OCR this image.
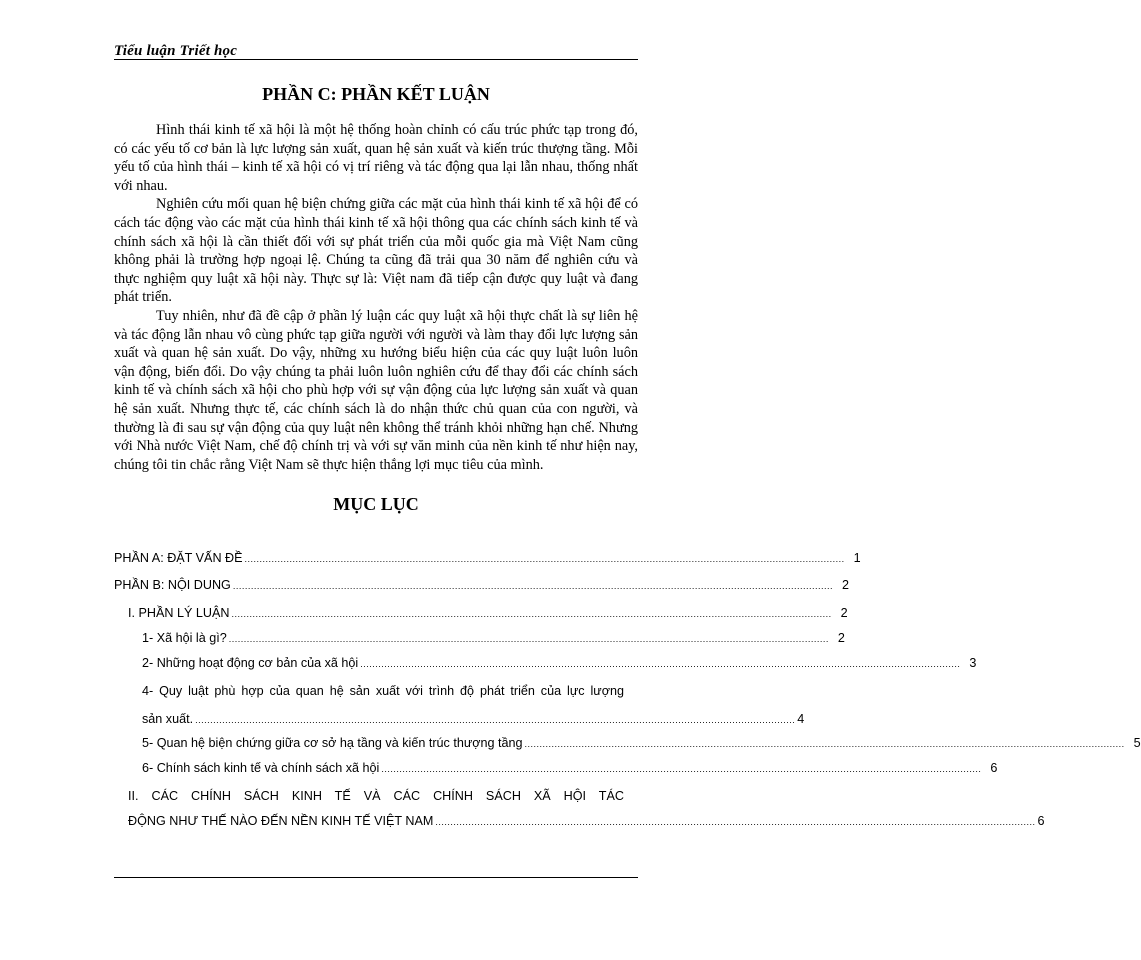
Tiểu luận Triết học
PHẦN C: PHẦN KẾT LUẬN

Hình thái kinh tế xã hội là một hệ thống hoàn chỉnh có cấu trúc phức tạp trong đó, có các yếu tố cơ bản là lực lượng sản xuất, quan hệ sản xuất và kiến trúc thượng tầng. Mỗi yếu tố của hình thái – kinh tế xã hội có vị trí riêng và tác động qua lại lẫn nhau, thống nhất với nhau.

Nghiên cứu mối quan hệ biện chứng giữa các mặt của hình thái kinh tế xã hội để có cách tác động vào các mặt của hình thái kinh tế xã hội thông qua các chính sách kinh tế và chính sách xã hội là cần thiết đối với sự phát triển của mỗi quốc gia mà Việt Nam cũng không phải là trường hợp ngoại lệ. Chúng ta cũng đã trải qua 30 năm để nghiên cứu và thực nghiệm quy luật xã hội này. Thực sự là: Việt nam đã tiếp cận được quy luật và đang phát triển.

Tuy nhiên, như đã đề cập ở phần lý luận các quy luật xã hội thực chất là sự liên hệ và tác động lẫn nhau vô cùng phức tạp giữa người với người và làm thay đổi lực lượng sản xuất và quan hệ sản xuất. Do vậy, những xu hướng biểu hiện của các quy luật luôn luôn vận động, biến đổi. Do vậy chúng ta phải luôn luôn nghiên cứu để thay đổi các chính sách kinh tế và chính sách xã hội cho phù hợp với sự vận động của lực lượng sản xuất và quan hệ sản xuất. Nhưng thực tế, các chính sách là do nhận thức chủ quan của con người, và thường là đi sau sự vận động của quy luật nên không thể tránh khỏi những hạn chế. Nhưng với Nhà nước Việt Nam, chế độ chính trị và với sự văn minh của nền kinh tế như hiện nay, chúng tôi tin chắc rằng Việt Nam sẽ thực hiện thắng lợi mục tiêu của mình.

MỤC LỤC
PHẦN A: ĐẶT VẤN ĐỀ ........................................................................................................................................................................................................ 1
PHẦN B: NỘI DUNG ........................................................................................................................................................................................................ 2
I. PHẦN LÝ LUẬN ........................................................................................................................................................................................................ 2
1- Xã hội là gì? ........................................................................................................................................................................................................ 2
2- Những hoạt động cơ bản của xã hội ........................................................................................................................................................................................................ 3
4- Quy luật phù hợp của quan hệ sản xuất với trình độ phát triển của lực lượng
sản xuất. ........................................................................................................................................................................................................ 4
5- Quan hệ biện chứng giữa cơ sở hạ tầng và kiến trúc thượng tầng ........................................................................................................................................................................................................ 5
6- Chính sách kinh tế và chính sách xã hội ........................................................................................................................................................................................................ 6
II. CÁC CHÍNH SÁCH KINH TẾ VÀ CÁC CHÍNH SÁCH XÃ HỘI TÁC
ĐỘNG NHƯ THẾ NÀO ĐẾN NỀN KINH TẾ VIỆT NAM ........................................................................................................................................................................................................ 6
